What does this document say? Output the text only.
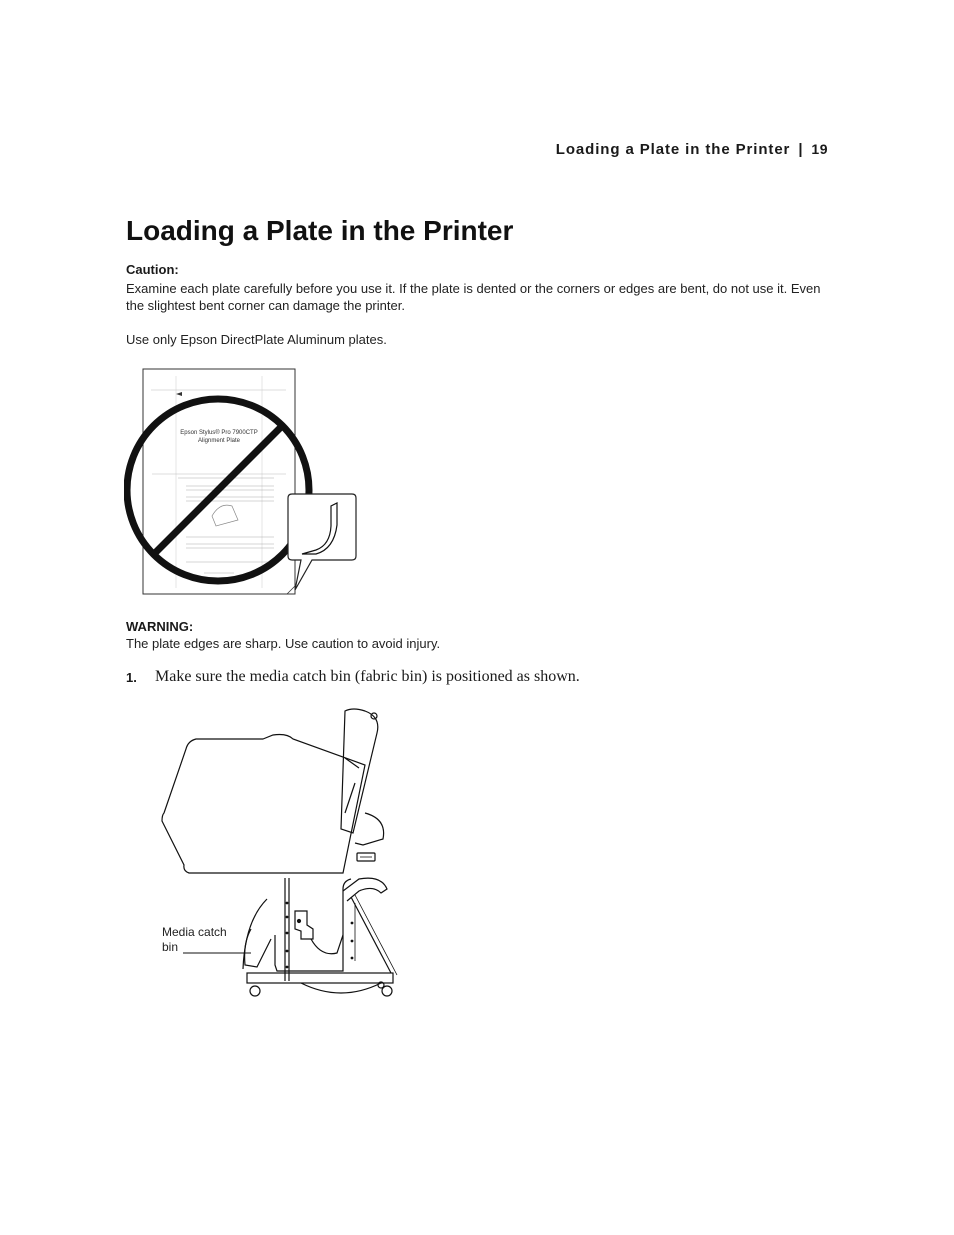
Loading a Plate in the Printer | 19
Loading a Plate in the Printer
Caution:
Examine each plate carefully before you use it. If the plate is dented or the corners or edges are bent, do not use it. Even the slightest bent corner can damage the printer.
Use only Epson DirectPlate Aluminum plates.
Epson Stylus® Pro 7900CTP
Alignment Plate
WARNING:
The plate edges are sharp. Use caution to avoid injury.
1. Make sure the media catch bin (fabric bin) is positioned as shown.
Media catch
bin
